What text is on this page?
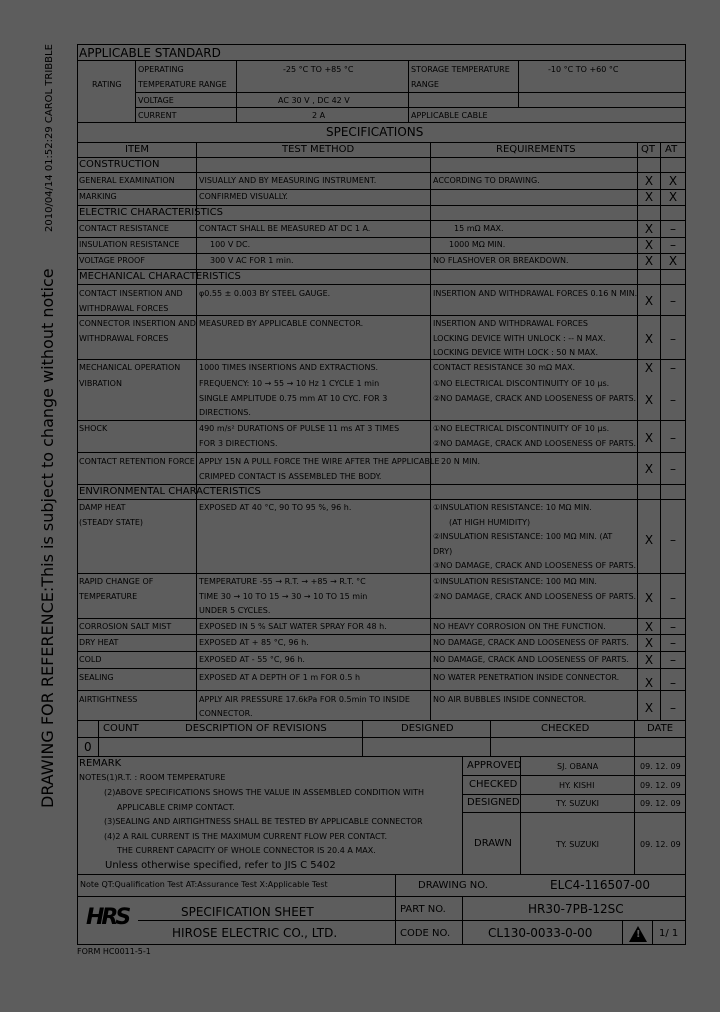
2010/04/14 01:52:29 CAROL TRIBBLE
DRAWING FOR REFERENCE:This is subject to change without notice
APPLICABLE STANDARD
RATING
OPERATING
TEMPERATURE RANGE
-25 °C TO +85 °C	STORAGE TEMPERATURE
RANGE
-10 °C TO +60 °C
VOLTAGE	AC 30 V , DC 42 V
CURRENT	2 A	APPLICABLE CABLE
SPECIFICATIONS
ITEM	TEST METHOD	REQUIREMENTS	QT AT
CONSTRUCTION
GENERAL EXAMINATION	VISUALLY AND BY MEASURING INSTRUMENT.	ACCORDING TO DRAWING.	X	X
MARKING	CONFIRMED VISUALLY.	X	X
ELECTRIC CHARACTERISTICS
CONTACT RESISTANCE	CONTACT SHALL BE MEASURED AT DC 1 A.	15 mΩ MAX.	X	–
INSULATION RESISTANCE	100 V DC.	1000 MΩ MIN.	X	–
VOLTAGE PROOF	300 V AC FOR 1 min.	NO FLASHOVER OR BREAKDOWN.	X	X
MECHANICAL CHARACTERISTICS
CONTACT INSERTION AND
WITHDRAWAL FORCES
φ0.55 ± 0.003 BY STEEL GAUGE.	INSERTION AND WITHDRAWAL FORCES 0.16 N MIN.
X	–
CONNECTOR INSERTION AND
WITHDRAWAL FORCES
MEASURED BY APPLICABLE CONNECTOR.	INSERTION AND WITHDRAWAL FORCES
LOCKING DEVICE WITH UNLOCK : -- N MAX.
LOCKING DEVICE WITH LOCK : 50 N MAX.
X	–
MECHANICAL OPERATION 1000 TIMES INSERTIONS AND EXTRACTIONS.	CONTACT RESISTANCE 30 mΩ MAX.	X	–
VIBRATION	FREQUENCY: 10 → 55 → 10 Hz 1 CYCLE 1 min
SINGLE AMPLITUDE 0.75 mm AT 10 CYC. FOR 3
DIRECTIONS.
①NO ELECTRICAL DISCONTINUITY OF 10 μs.
②NO DAMAGE, CRACK AND LOOSENESS OF PARTS. X	–
SHOCK	490 m/s² DURATIONS OF PULSE 11 ms AT 3 TIMES
FOR 3 DIRECTIONS.
①NO ELECTRICAL DISCONTINUITY OF 10 μs.
②NO DAMAGE, CRACK AND LOOSENESS OF PARTS. X	–
CONTACT RETENTION FORCE APPLY 15N A PULL FORCE THE WIRE AFTER THE APPLICABLE
CRIMPED CONTACT IS ASSEMBLED THE BODY.
20 N MIN.
X	–
ENVIRONMENTAL CHARACTERISTICS
DAMP HEAT
(STEADY STATE)
EXPOSED AT 40 °C, 90 TO 95 %, 96 h.	①INSULATION RESISTANCE: 10 MΩ MIN.
(AT HIGH HUMIDITY)
②INSULATION RESISTANCE: 100 MΩ MIN. (AT
DRY)
③NO DAMAGE, CRACK AND LOOSENESS OF PARTS.
X	–
RAPID CHANGE OF
TEMPERATURE
TEMPERATURE -55 → R.T. → +85 → R.T. °C
TIME 30 → 10 TO 15 → 30 → 10 TO 15 min
UNDER 5 CYCLES.
①INSULATION RESISTANCE: 100 MΩ MIN.
②NO DAMAGE, CRACK AND LOOSENESS OF PARTS. X	–
CORROSION SALT MIST	EXPOSED IN 5 % SALT WATER SPRAY FOR 48 h.	NO HEAVY CORROSION ON THE FUNCTION.	X	–
DRY HEAT	EXPOSED AT + 85 °C, 96 h.	NO DAMAGE, CRACK AND LOOSENESS OF PARTS.	X	–
COLD	EXPOSED AT - 55 °C, 96 h.	NO DAMAGE, CRACK AND LOOSENESS OF PARTS.	X	–
SEALING	EXPOSED AT A DEPTH OF 1 m FOR 0.5 h	NO WATER PENETRATION INSIDE CONNECTOR.	X	–
AIRTIGHTNESS	APPLY AIR PRESSURE 17.6kPa FOR 0.5min TO INSIDE
CONNECTOR.
NO AIR BUBBLES INSIDE CONNECTOR.
X	–
COUNT	DESCRIPTION OF REVISIONS	DESIGNED	CHECKED	DATE
0
REMARK
NOTES(1)R.T. : ROOM TEMPERATURE
(2)ABOVE SPECIFICATIONS SHOWS THE VALUE IN ASSEMBLED CONDITION WITH
APPLICABLE CRIMP CONTACT.
(3)SEALING AND AIRTIGHTNESS SHALL BE TESTED BY APPLICABLE CONNECTOR
(4)2 A RAIL CURRENT IS THE MAXIMUM CURRENT FLOW PER CONTACT.
THE CURRENT CAPACITY OF WHOLE CONNECTOR IS 20.4 A MAX.
Unless otherwise specified, refer to JIS C 5402
APPROVED	SJ. OBANA	09. 12. 09
CHECKED	HY. KISHI	09. 12. 09
DESIGNED	TY. SUZUKI	09. 12. 09
DRAWN	TY. SUZUKI	09. 12. 09
Note QT:Qualification Test AT:Assurance Test X:Applicable Test	DRAWING NO.	ELC4-116507-00
HRS	SPECIFICATION SHEET
HIROSE ELECTRIC CO., LTD.
PART NO.	HR30-7PB-12SC
CODE NO.	CL130-0033-0-00
!	1/ 1
FORM HC0011-5-1
